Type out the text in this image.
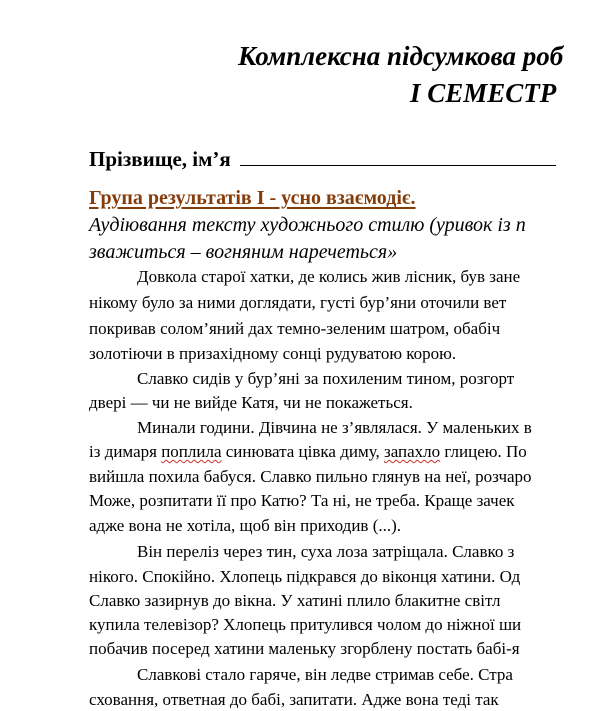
Комплексна підсумкова роб
І СЕМЕСТР
Прізвище, ім’я
Група результатів І - усно взаємодіє.
Аудіювання тексту художнього стилю (уривок із п
зважиться – вогняним наречеться»
Довкола старої хатки, де колись жив лісник, був зане
нікому було за ними доглядати, густі бур’яни оточили вет
покривав солом’яний дах темно-зеленим шатром, обабіч
золотіючи в призахідному сонці рудуватою корою.
Славко сидів у бур’яні за похиленим тином, розгорт
двері — чи не вийде Катя, чи не покажеться.
Минали години. Дівчина не з’являлася. У маленьких в
із димаря поплила синювата цівка диму, запахло глицею. По
вийшла похила бабуся. Славко пильно глянув на неї, розчаро
Може, розпитати її про Катю? Та ні, не треба. Краще зачек
адже вона не хотіла, щоб він приходив (...).
Він переліз через тин, суха лоза затріщала. Славко з
нікого. Спокійно. Хлопець підкрався до віконця хатини. Од
Славко зазирнув до вікна. У хатині плило блакитне світл
купила телевізор? Хлопець притулився чолом до ніжної ши
побачив посеред хатини маленьку згорблену постать бабі-я
Славкові стало гаряче, він ледве стримав себе. Стра
сховання, ответная до бабі, запитати. Адже вона теді так
